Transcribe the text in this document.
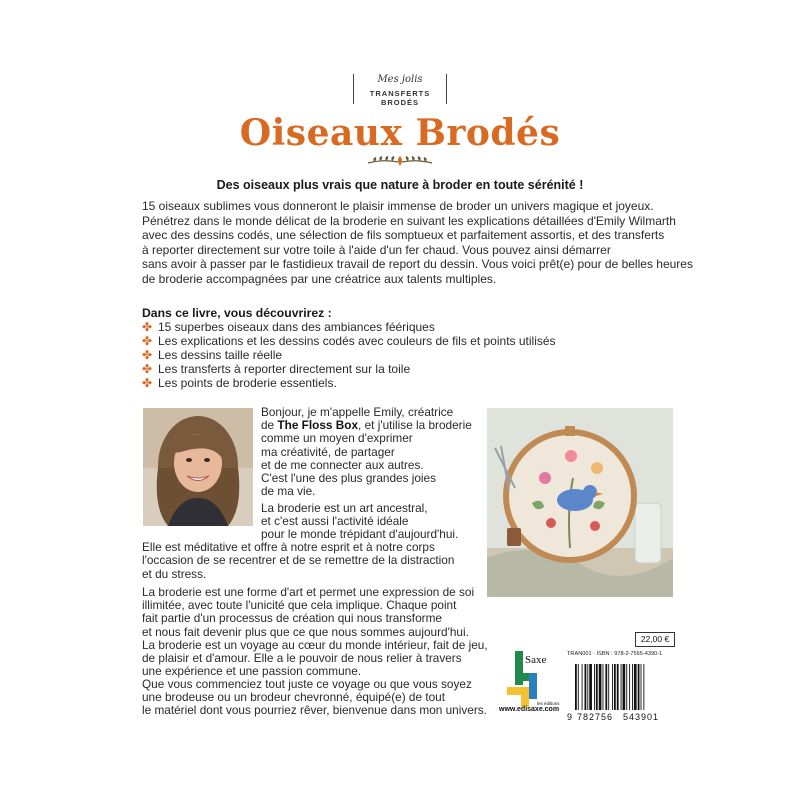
Mes jolis
TRANSFERTS BRODÉS
Oiseaux Brodés
Des oiseaux plus vrais que nature à broder en toute sérénité !

15 oiseaux sublimes vous donneront le plaisir immense de broder un univers magique et joyeux.
Pénétrez dans le monde délicat de la broderie en suivant les explications détaillées d'Emily Wilmarth
avec des dessins codés, une sélection de fils somptueux et parfaitement assortis, et des transferts
à reporter directement sur votre toile à l'aide d'un fer chaud. Vous pouvez ainsi démarrer
sans avoir à passer par le fastidieux travail de report du dessin. Vous voici prêt(e) pour de belles heures
de broderie accompagnées par une créatrice aux talents multiples.

Dans ce livre, vous découvrirez :
✤ 15 superbes oiseaux dans des ambiances féériques
✤ Les explications et les dessins codés avec couleurs de fils et points utilisés
✤ Les dessins taille réelle
✤ Les transferts à reporter directement sur la toile
✤ Les points de broderie essentiels.

Bonjour, je m'appelle Emily, créatrice
de The Floss Box, et j'utilise la broderie
comme un moyen d'exprimer
ma créativité, de partager
et de me connecter aux autres.
C'est l'une des plus grandes joies
de ma vie.

La broderie est un art ancestral,
et c'est aussi l'activité idéale

pour le monde trépidant d'aujourd'hui.
Elle est méditative et offre à notre esprit et à notre corps
l'occasion de se recentrer et de se remettre de la distraction
et du stress.

La broderie est une forme d'art et permet une expression de soi
illimitée, avec toute l'unicité que cela implique. Chaque point
fait partie d'un processus de création qui nous transforme
et nous fait devenir plus que ce que nous sommes aujourd'hui.
La broderie est un voyage au cœur du monde intérieur, fait de jeu,
de plaisir et d'amour. Elle a le pouvoir de nous relier à travers
une expérience et une passion commune.

Que vous commenciez tout juste ce voyage ou que vous soyez
une brodeuse ou un brodeur chevronné, équipé(e) de tout
le matériel dont vous pourriez rêver, bienvenue dans mon univers.

22,00 €
TRAN001 · ISBN : 978-2-7565-4390-1
Saxe
les éditions
www.edisaxe.com
9 782756 543901
